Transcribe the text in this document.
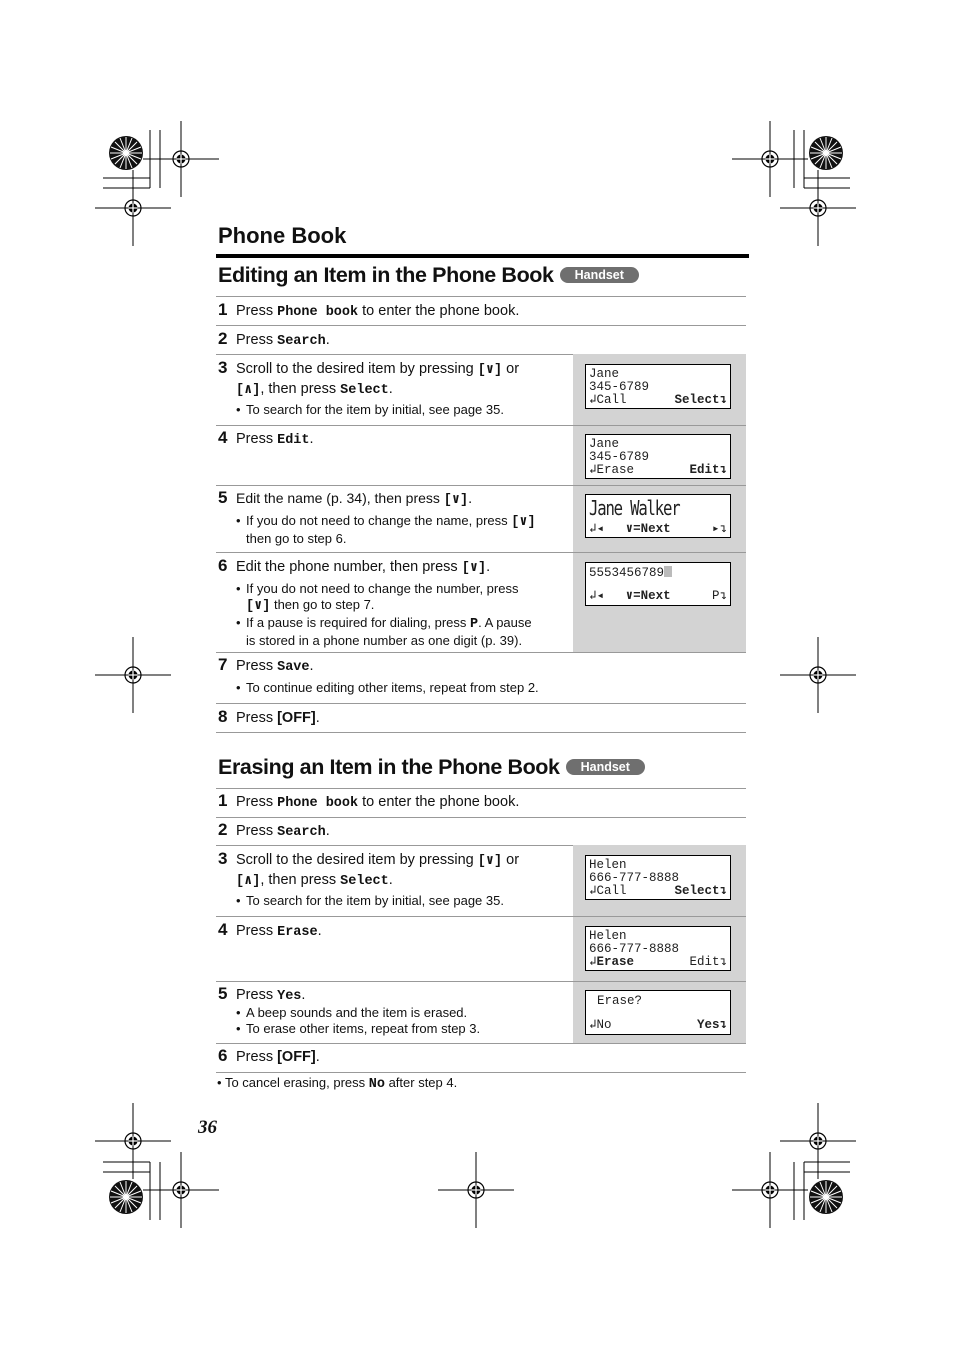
Phone Book
Editing an Item in the Phone Book Handset
1 Press Phone book to enter the phone book.
2 Press Search.
3 Scroll to the desired item by pressing [∨] or
[∧], then press Select.
• To search for the item by initial, see page 35.
Jane
345-6789
↲Call	Select↴
4 Press Edit.	Jane
345-6789
↲Erase	Edit↴
5 Edit the name (p. 34), then press [∨].
• If you do not need to change the name, press [∨]
then go to step 6.
Jane Walker
↲◂ ∨=Next	▸↴
6 Edit the phone number, then press [∨].
• If you do not need to change the number, press
[∨] then go to step 7.
• If a pause is required for dialing, press P. A pause
is stored in a phone number as one digit (p. 39).
5553456789
↲◂ ∨=Next	P↴
7 Press Save.
• To continue editing other items, repeat from step 2.
8 Press [OFF].
Erasing an Item in the Phone Book Handset
1 Press Phone book to enter the phone book.
2 Press Search.
3 Scroll to the desired item by pressing [∨] or
[∧], then press Select.
• To search for the item by initial, see page 35.
Helen
666-777-8888
↲Call	Select↴
4 Press Erase.	Helen
666-777-8888
↲Erase	Edit↴
5 Press Yes.
• A beep sounds and the item is erased.
• To erase other items, repeat from step 3.
Erase?
↲No	Yes↴
6 Press [OFF].
• To cancel erasing, press No after step 4.
36
